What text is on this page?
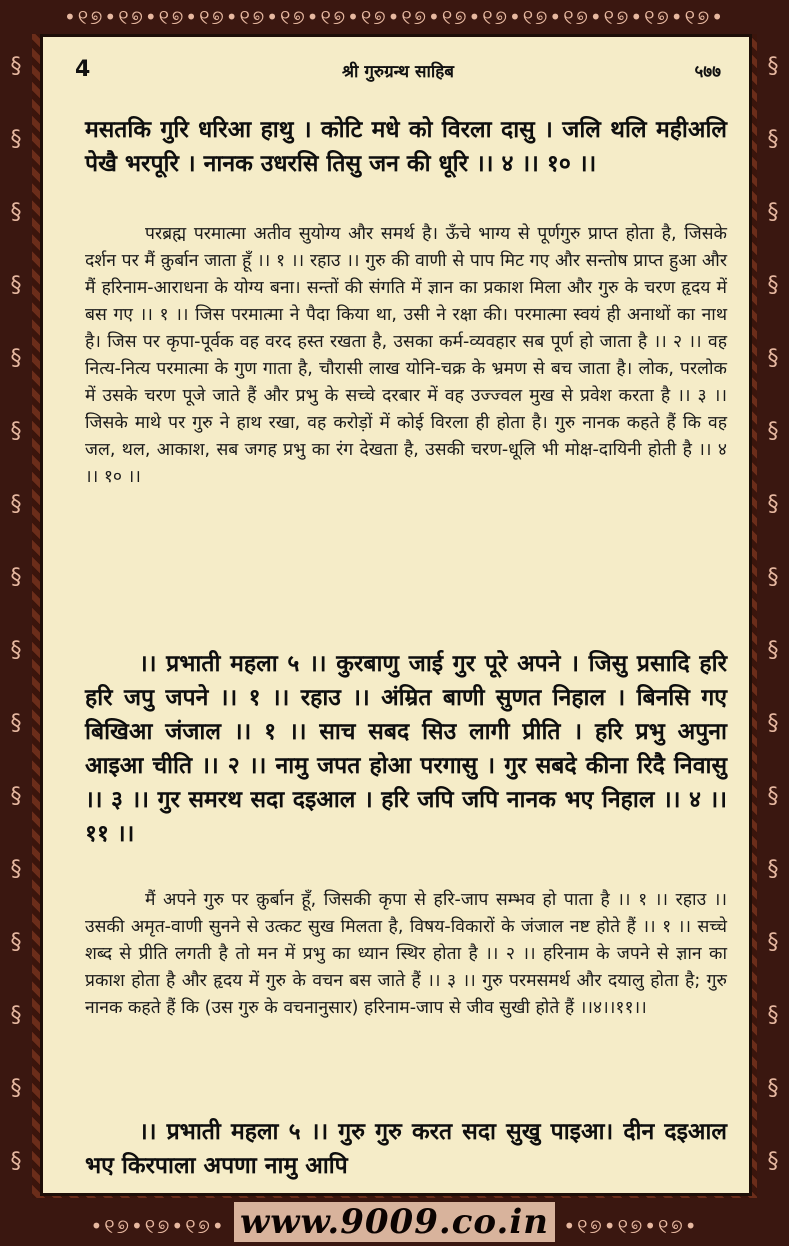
•୧୭•୧୭•୧୭•୧୭•୧୭•୧୭•୧୭•୧୭•୧୭•୧୭•୧୭•୧୭•୧୭•୧୭•୧୭•୧୭•
§
§
§
§
§
§
§
§
§
§
§
§
§
§
§
§
§
§
§
§
§
§
§
§
§
§
§
§
§
§
§
§
4	श्री गुरुग्रन्थ साहिब	५७७
मसतकि गुरि धरिआ हाथु । कोटि मधे को विरला दासु । जलि थलि महीअलि पेखै भरपूरि । नानक उधरसि तिसु जन की धूरि ।। ४ ।। १० ।।
परब्रह्म परमात्मा अतीव सुयोग्य और समर्थ है। ऊँचे भाग्य से पूर्णगुरु प्राप्त होता है, जिसके दर्शन पर मैं क़ुर्बान जाता हूँ ।। १ ।। रहाउ ।। गुरु की वाणी से पाप मिट गए और सन्तोष प्राप्त हुआ और मैं हरिनाम-आराधना के योग्य बना। सन्तों की संगति में ज्ञान का प्रकाश मिला और गुरु के चरण हृदय में बस गए ।। १ ।। जिस परमात्मा ने पैदा किया था, उसी ने रक्षा की। परमात्मा स्वयं ही अनाथों का नाथ है। जिस पर कृपा-पूर्वक वह वरद हस्त रखता है, उसका कर्म-व्यवहार सब पूर्ण हो जाता है ।। २ ।। वह नित्य-नित्य परमात्मा के गुण गाता है, चौरासी लाख योनि-चक्र के भ्रमण से बच जाता है। लोक, परलोक में उसके चरण पूजे जाते हैं और प्रभु के सच्चे दरबार में वह उज्ज्वल मुख से प्रवेश करता है ।। ३ ।। जिसके माथे पर गुरु ने हाथ रखा, वह करोड़ों में कोई विरला ही होता है। गुरु नानक कहते हैं कि वह जल, थल, आकाश, सब जगह प्रभु का रंग देखता है, उसकी चरण-धूलि भी मोक्ष-दायिनी होती है ।। ४ ।। १० ।।
।। प्रभाती महला ५ ।। कुरबाणु जाई गुर पूरे अपने । जिसु प्रसादि हरि हरि जपु जपने ।। १ ।। रहाउ ।। अंम्रित बाणी सुणत निहाल । बिनसि गए बिखिआ जंजाल ।। १ ।। साच सबद सिउ लागी प्रीति । हरि प्रभु अपुना आइआ चीति ।। २ ।। नामु जपत होआ परगासु । गुर सबदे कीना रिदै निवासु ।। ३ ।। गुर समरथ सदा दइआल । हरि जपि जपि नानक भए निहाल ।। ४ ।। ११ ।।
मैं अपने गुरु पर क़ुर्बान हूँ, जिसकी कृपा से हरि-जाप सम्भव हो पाता है ।। १ ।। रहाउ ।। उसकी अमृत-वाणी सुनने से उत्कट सुख मिलता है, विषय-विकारों के जंजाल नष्ट होते हैं ।। १ ।। सच्चे शब्द से प्रीति लगती है तो मन में प्रभु का ध्यान स्थिर होता है ।। २ ।। हरिनाम के जपने से ज्ञान का प्रकाश होता है और हृदय में गुरु के वचन बस जाते हैं ।। ३ ।। गुरु परमसमर्थ और दयालु होता है; गुरु नानक कहते हैं कि (उस गुरु के वचनानुसार) हरिनाम-जाप से जीव सुखी होते हैं ।।४।।११।।
।। प्रभाती महला ५ ।। गुरु गुरु करत सदा सुखु पाइआ। दीन दइआल भए किरपाला अपणा नामु आपि
•୧୭•୧୭•୧୭• www.9009.co.in •୧୭•୧୭•୧୭•
